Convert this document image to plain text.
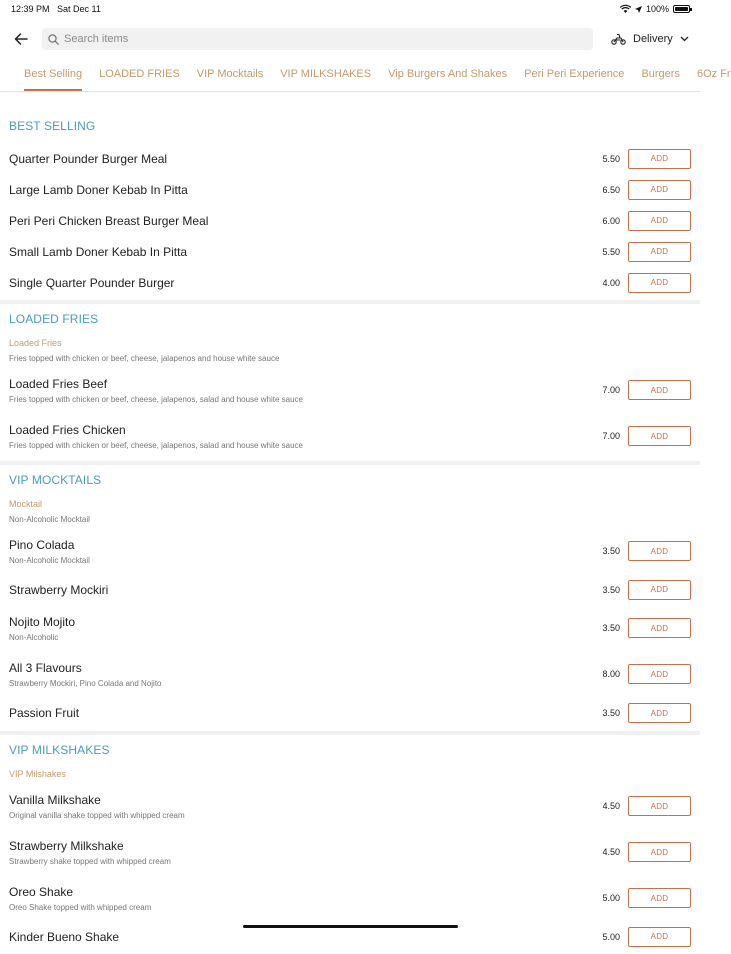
12:39 PM Sat Dec 11	100%
Search items
Delivery
Best Selling LOADED FRIES VIP Mocktails VIP MILKSHAKES Vip Burgers And Shakes Peri Peri Experience Burgers 6Oz Fr
BEST SELLING
Quarter Pounder Burger Meal	5.50	ADD
Large Lamb Doner Kebab In Pitta	6.50	ADD
Peri Peri Chicken Breast Burger Meal	6.00	ADD
Small Lamb Doner Kebab In Pitta	5.50	ADD
Single Quarter Pounder Burger	4.00	ADD
LOADED FRIES
Loaded Fries
Fries topped with chicken or beef, cheese, jalapenos and house white sauce
Loaded Fries Beef
Fries topped with chicken or beef, cheese, jalapenos, salad and house white sauce
7.00	ADD
Loaded Fries Chicken
Fries topped with chicken or beef, cheese, jalapenos, salad and house white sauce
7.00	ADD
VIP MOCKTAILS
Mocktail
Non-Alcoholic Mocktail
Pino Colada
Non-Alcoholic Mocktail
3.50	ADD
Strawberry Mockiri	3.50	ADD
Nojito Mojito
Non-Alcoholic
3.50	ADD
All 3 Flavours
Strawberry Mockiri, Pino Colada and Nojito
8.00	ADD
Passion Fruit	3.50	ADD
VIP MILKSHAKES
VIP Milshakes
Vanilla Milkshake
Original vanilla shake topped with whipped cream
4.50	ADD
Strawberry Milkshake
Strawberry shake topped with whipped cream
4.50	ADD
Oreo Shake
Oreo Shake topped with whipped cream
5.00	ADD
Kinder Bueno Shake	5.00	ADD
